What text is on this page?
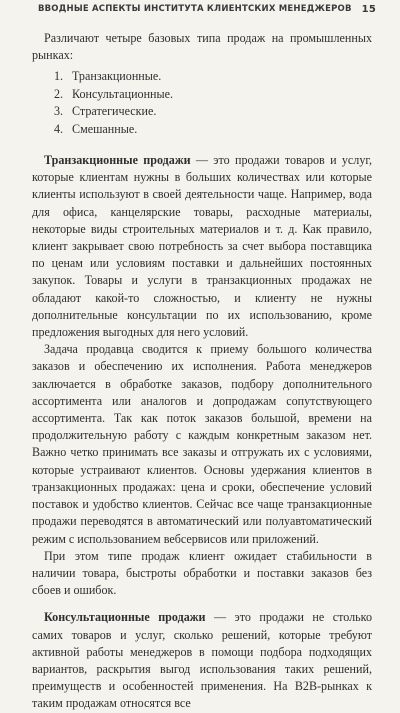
ВВОДНЫЕ АСПЕКТЫ ИНСТИТУТА КЛИЕНТСКИХ МЕНЕДЖЕРОВ 15

Различают четыре базовых типа продаж на промышленных рынках:

1. Транзакционные.
2. Консультационные.
3. Стратегические.
4. Смешанные.

Транзакционные продажи — это продажи товаров и услуг, которые клиентам нужны в больших количествах или которые клиенты используют в своей деятельности чаще. Например, вода для офиса, канцелярские товары, расходные материалы, некоторые виды строительных материалов и т. д. Как правило, клиент закрывает свою потребность за счет выбора поставщика по ценам или условиям поставки и дальнейших постоянных закупок. Товары и услуги в транзакционных продажах не обладают какой-то сложностью, и клиенту не нужны дополнительные консультации по их использованию, кроме предложения выгодных для него условий.

Задача продавца сводится к приему большого количества заказов и обеспечению их исполнения. Работа менеджеров заключается в обработке заказов, подбору дополнительного ассортимента или аналогов и допродажам сопутствующего ассортимента. Так как поток заказов большой, времени на продолжительную работу с каждым конкретным заказом нет. Важно четко принимать все заказы и отгружать их с условиями, которые устраивают клиентов. Основы удержания клиентов в транзакционных продажах: цена и сроки, обеспечение условий поставок и удобство клиентов. Сейчас все чаще транзакционные продажи переводятся в автоматический или полуавтоматический режим с использованием вебсервисов или приложений.

При этом типе продаж клиент ожидает стабильности в наличии товара, быстроты обработки и поставки заказов без сбоев и ошибок.

Консультационные продажи — это продажи не столько самих товаров и услуг, сколько решений, которые требуют активной работы менеджеров в помощи подбора подходящих вариантов, раскрытия выгод использования таких решений, преимуществ и особенностей применения. На B2B-рынках к таким продажам относятся все
